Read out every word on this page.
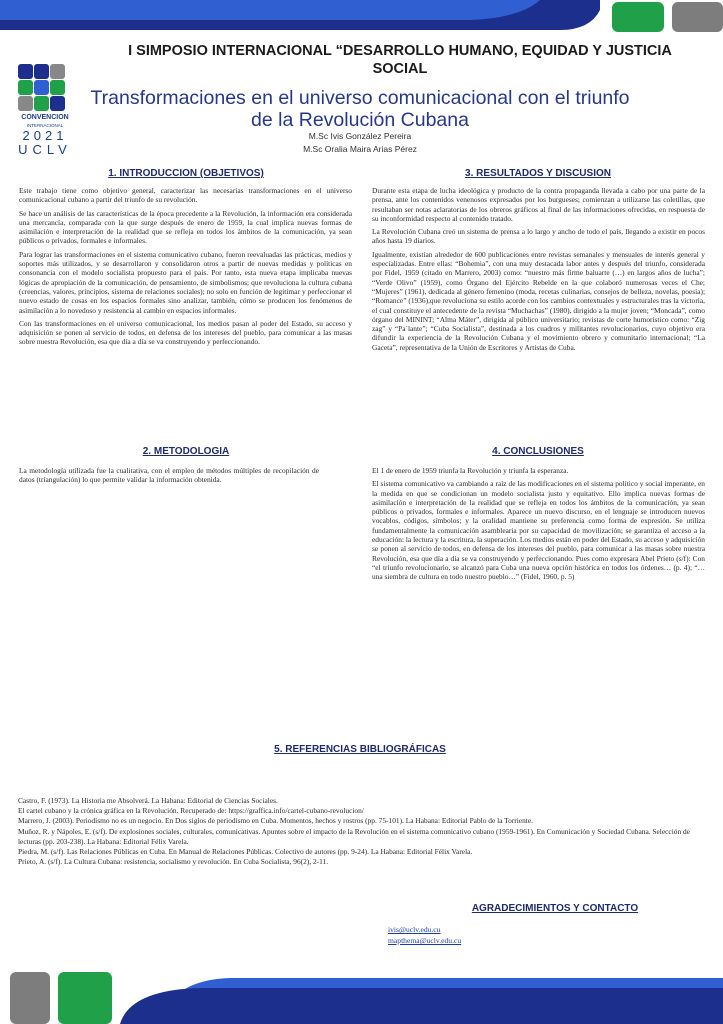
CONVENCION
INTERNACIONAL
2021
UCLV
I SIMPOSIO INTERNACIONAL “DESARROLLO HUMANO, EQUIDAD Y JUSTICIA SOCIAL
Transformaciones en el universo comunicacional con el triunfo de la Revolución Cubana
M.Sc Ivis González Pereira
M.Sc Oralia Maira Arias Pérez
1. INTRODUCCION (OBJETIVOS)

Este trabajo tiene como objetivo general, caracterizar las necesarias transformaciones en el universo comunicacional cubano a partir del triunfo de su revolución.

Se hace un análisis de las características de la época precedente a la Revolución, la información era considerada una mercancía, comparada con la que surge después de enero de 1959, la cual implica nuevas formas de asimilación e interpretación de la realidad que se refleja en todos los ámbitos de la comunicación, ya sean públicos o privados, formales e informales.

Para lograr las transformaciones en el sistema comunicativo cubano, fueron reevaluadas las prácticas, medios y soportes más utilizados, y se desarrollaron y consolidaron otros a partir de nuevas medidas y políticas en consonancia con el modelo socialista propuesto para el país. Por tanto, esta nueva etapa implicaba nuevas lógicas de apropiación de la comunicación, de pensamiento, de simbolismos; que revoluciona la cultura cubana (creencias, valores, principios, sistema de relaciones sociales); no solo en función de legitimar y perfeccionar el nuevo estado de cosas en los espacios formales sino analizar, también, cómo se producen los fenómenos de asimilación a lo novedoso y resistencia al cambio en espacios informales.

Con las transformaciones en el universo comunicacional, los medios pasan al poder del Estado, su acceso y adquisición se ponen al servicio de todos, en defensa de los intereses del pueblo, para comunicar a las masas sobre nuestra Revolución, esa que día a día se va construyendo y perfeccionando.

3. RESULTADOS Y DISCUSION

Durante esta etapa de lucha ideológica y producto de la contra propaganda llevada a cabo por una parte de la prensa, ante los contenidos venenosos expresados por los burgueses; comienzan a utilizarse las coletillas, que resultaban ser notas aclaratorias de los obreros gráficos al final de las informaciones ofrecidas, en respuesta de su inconformidad respecto al contenido tratado.

La Revolución Cubana creó un sistema de prensa a lo largo y ancho de todo el país, llegando a existir en pocos años hasta 19 diarios.

Igualmente, existían alrededor de 600 publicaciones entre revistas semanales y mensuales de interés general y especializadas. Entre ellas: “Bohemia”, con una muy destacada labor antes y después del triunfo, considerada por Fidel, 1959 (citado en Marrero, 2003) como: “nuestro más firme baluarte (…) en largos años de lucha”; “Verde Olivo” (1959), como Órgano del Ejército Rebelde en la que colaboró numerosas veces el Che; “Mujeres” (1961), dedicada al género femenino (moda, recetas culinarias, consejos de belleza, novelas, poesía); “Romance” (1936),que revoluciona su estilo acorde con los cambios contextuales y estructurales tras la victoria, el cual constituye el antecedente de la revista “Muchachas” (1980), dirigido a la mujer joven; “Moncada”, como órgano del MININT; “Alma Máter”, dirigida al público universitario; revistas de corte humorístico como: “Zig zag” y “Pa´lante”; “Cuba Socialista”, destinada a los cuadros y militantes revolucionarios, cuyo objetivo era difundir la experiencia de la Revolución Cubana y el movimiento obrero y comunitario internacional; “La Gaceta”, representativa de la Unión de Escritores y Artistas de Cuba.

2. METODOLOGIA

La metodología utilizada fue la cualitativa, con el empleo de métodos múltiples de recopilación de datos (triangulación) lo que permite validar la información obtenida.

4. CONCLUSIONES

El 1 de enero de 1959 triunfa la Revolución y triunfa la esperanza.

El sistema comunicativo va cambiando a raíz de las modificaciones en el sistema político y social imperante, en la medida en que se condicionan un modelo socialista justo y equitativo. Ello implica nuevas formas de asimilación e interpretación de la realidad que se refleja en todos los ámbitos de la comunicación, ya sean públicos o privados, formales e informales. Aparece un nuevo discurso, en el lenguaje se introducen nuevos vocablos, códigos, símbolos; y la oralidad mantiene su preferencia como forma de expresión. Se utiliza fundamentalmente la comunicación asamblearia por su capacidad de movilización; se garantiza el acceso a la educación: la lectura y la escritura, la superación. Los medios están en poder del Estado, su acceso y adquisición se ponen al servicio de todos, en defensa de los intereses del pueblo, para comunicar a las masas sobre nuestra Revolución, esa que día a día se va construyendo y perfeccionando. Pues como expresara Abel Prieto (s/f): Con “el triunfo revolucionario, se alcanzó para Cuba una nueva opción histórica en todos los órdenes… (p. 4); “… una siembra de cultura en todo nuestro pueblo…” (Fidel, 1960, p. 5)

5. REFERENCIAS BIBLIOGRÁFICAS

Castro, F. (1973). La Historia me Absolverá. La Habana: Editorial de Ciencias Sociales.

El cartel cubano y la crónica gráfica en la Revolución. Recuperado de: https://graffica.info/cartel-cubano-revolucion/

Marrero, J. (2003). Periodismo no es un negocio. En Dos siglos de periodismo en Cuba. Momentos, hechos y rostros (pp. 75-101). La Habana: Editorial Pablo de la Torriente.

Muñoz, R. y Nápoles, E. (s/f). De explosiones sociales, culturales, comunicativas. Apuntes sobre el impacto de la Revolución en el sistema comunicativo cubano (1959-1961). En Comunicación y Sociedad Cubana. Selección de lecturas (pp. 203-238). La Habana: Editorial Félix Varela.

Piedra, M. (s/f). Las Relaciones Públicas en Cuba. En Manual de Relaciones Públicas. Colectivo de autores (pp. 9-24). La Habana: Editorial Félix Varela.

Prieto, A. (s/f). La Cultura Cubana: resistencia, socialismo y revolución. En Cuba Socialista, 96(2), 2-11.

AGRADECIMIENTOS Y CONTACTO
ivis@uclv.edu.cu
mapthema@uclv.edu.cu
